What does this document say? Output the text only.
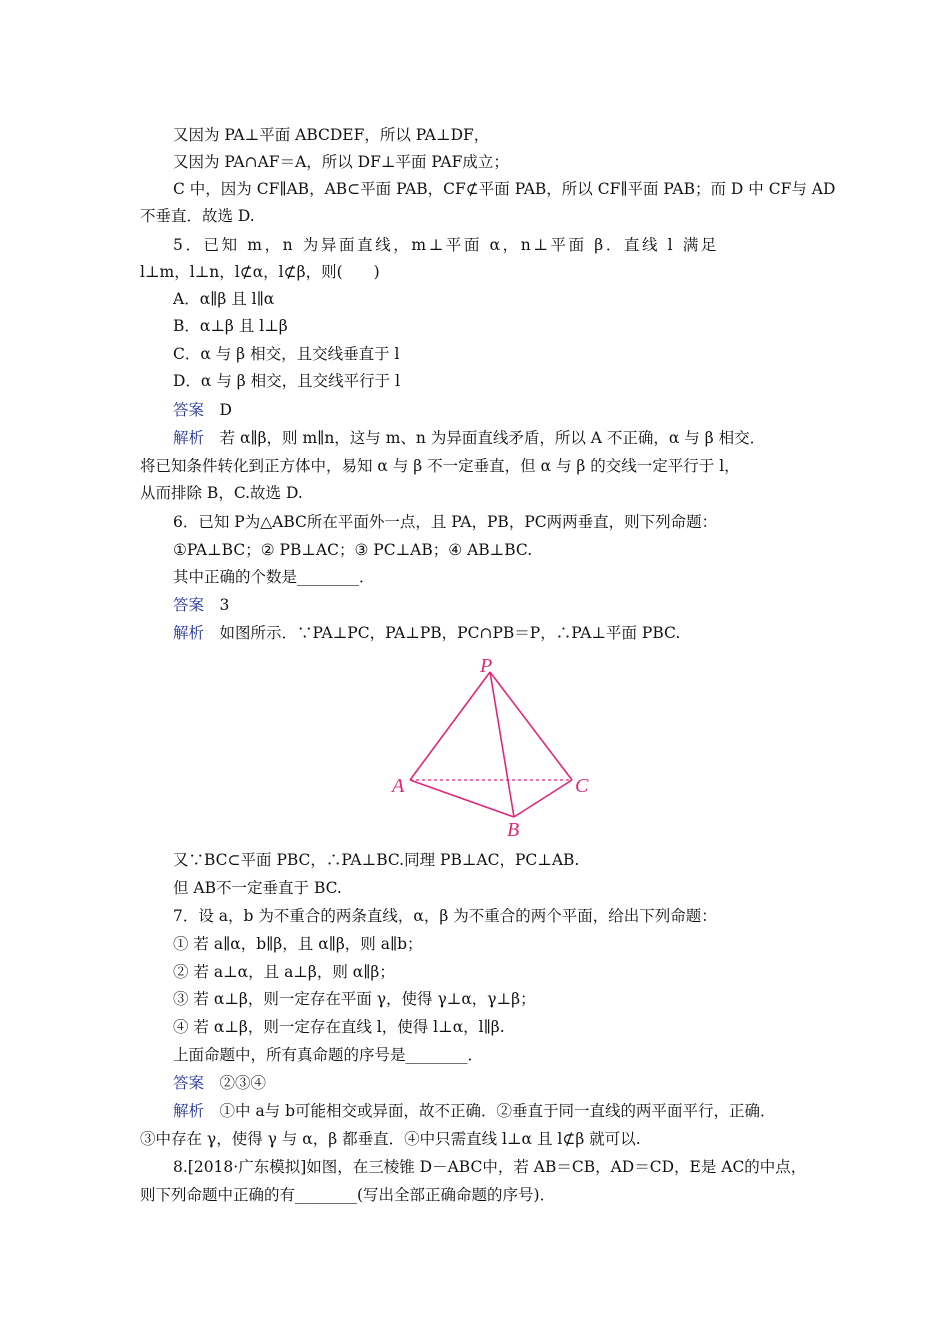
又因为 PA⊥平面 ABCDEF，所以 PA⊥DF，
又因为 PA∩AF＝A，所以 DF⊥平面 PAF成立；
C 中，因为 CF∥AB，AB⊂平面 PAB，CF⊄平面 PAB，所以 CF∥平面 PAB；而 D 中 CF与 AD
不垂直．故选 D.
5．已知 m，n 为异面直线，m⊥平面 α，n⊥平面 β．直线 l 满足
l⊥m，l⊥n，l⊄α，l⊄β，则(　　)
A．α∥β 且 l∥α
B．α⊥β 且 l⊥β
C．α 与 β 相交，且交线垂直于 l
D．α 与 β 相交，且交线平行于 l
答案　D
解析　若 α∥β，则 m∥n，这与 m、n 为异面直线矛盾，所以 A 不正确，α 与 β 相交．
将已知条件转化到正方体中，易知 α 与 β 不一定垂直，但 α 与 β 的交线一定平行于 l，
从而排除 B，C.故选 D.
6．已知 P为△ABC所在平面外一点，且 PA，PB，PC两两垂直，则下列命题：
①PA⊥BC；② PB⊥AC；③ PC⊥AB；④ AB⊥BC.
其中正确的个数是________．
答案　3
解析　如图所示．∵PA⊥PC，PA⊥PB，PC∩PB＝P，∴PA⊥平面 PBC.
P
A	C
B
又∵BC⊂平面 PBC，∴PA⊥BC.同理 PB⊥AC，PC⊥AB.
但 AB不一定垂直于 BC.
7．设 a，b 为不重合的两条直线，α，β 为不重合的两个平面，给出下列命题：
① 若 a∥α，b∥β，且 α∥β，则 a∥b；
② 若 a⊥α，且 a⊥β，则 α∥β；
③ 若 α⊥β，则一定存在平面 γ，使得 γ⊥α，γ⊥β；
④ 若 α⊥β，则一定存在直线 l，使得 l⊥α，l∥β.
上面命题中，所有真命题的序号是________．
答案　②③④
解析　①中 a与 b可能相交或异面，故不正确．②垂直于同一直线的两平面平行，正确．
③中存在 γ，使得 γ 与 α，β 都垂直．④中只需直线 l⊥α 且 l⊄β 就可以.
8.[2018·广东模拟]如图，在三棱锥 D－ABC中，若 AB＝CB，AD＝CD，E是 AC的中点，
则下列命题中正确的有________(写出全部正确命题的序号)．
